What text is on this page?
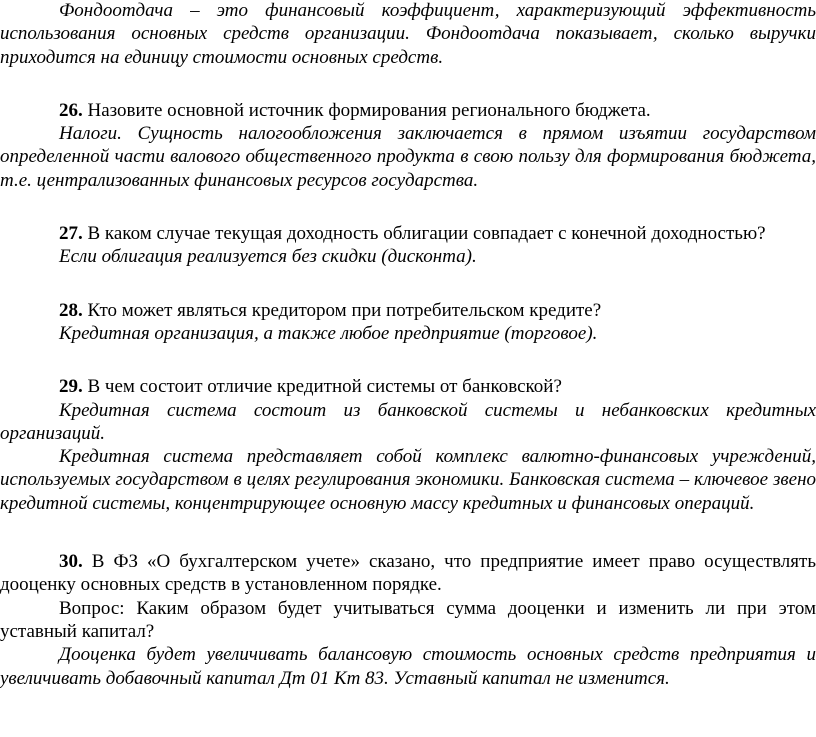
Фондоотдача – это финансовый коэффициент, характеризующий эффективность использования основных средств организации. Фондоотдача показывает, сколько выручки приходится на единицу стоимости основных средств.

26. Назовите основной источник формирования регионального бюджета.

Налоги. Сущность налогообложения заключается в прямом изъятии государством определенной части валового общественного продукта в свою пользу для формирования бюджета, т.е. централизованных финансовых ресурсов государства.

27. В каком случае текущая доходность облигации совпадает с конечной доходностью?

Если облигация реализуется без скидки (дисконта).

28. Кто может являться кредитором при потребительском кредите?

Кредитная организация, а также любое предприятие (торговое).

29. В чем состоит отличие кредитной системы от банковской?

Кредитная система состоит из банковской системы и небанковских кредитных организаций.

Кредитная система представляет собой комплекс валютно-финансовых учреждений, используемых государством в целях регулирования экономики. Банковская система – ключевое звено кредитной системы, концентрирующее основную массу кредитных и финансовых операций.

30. В ФЗ «О бухгалтерском учете» сказано, что предприятие имеет право осуществлять дооценку основных средств в установленном порядке.

Вопрос: Каким образом будет учитываться сумма дооценки и изменить ли при этом уставный капитал?

Дооценка будет увеличивать балансовую стоимость основных средств предприятия и увеличивать добавочный капитал Дт 01 Кт 83. Уставный капитал не изменится.
